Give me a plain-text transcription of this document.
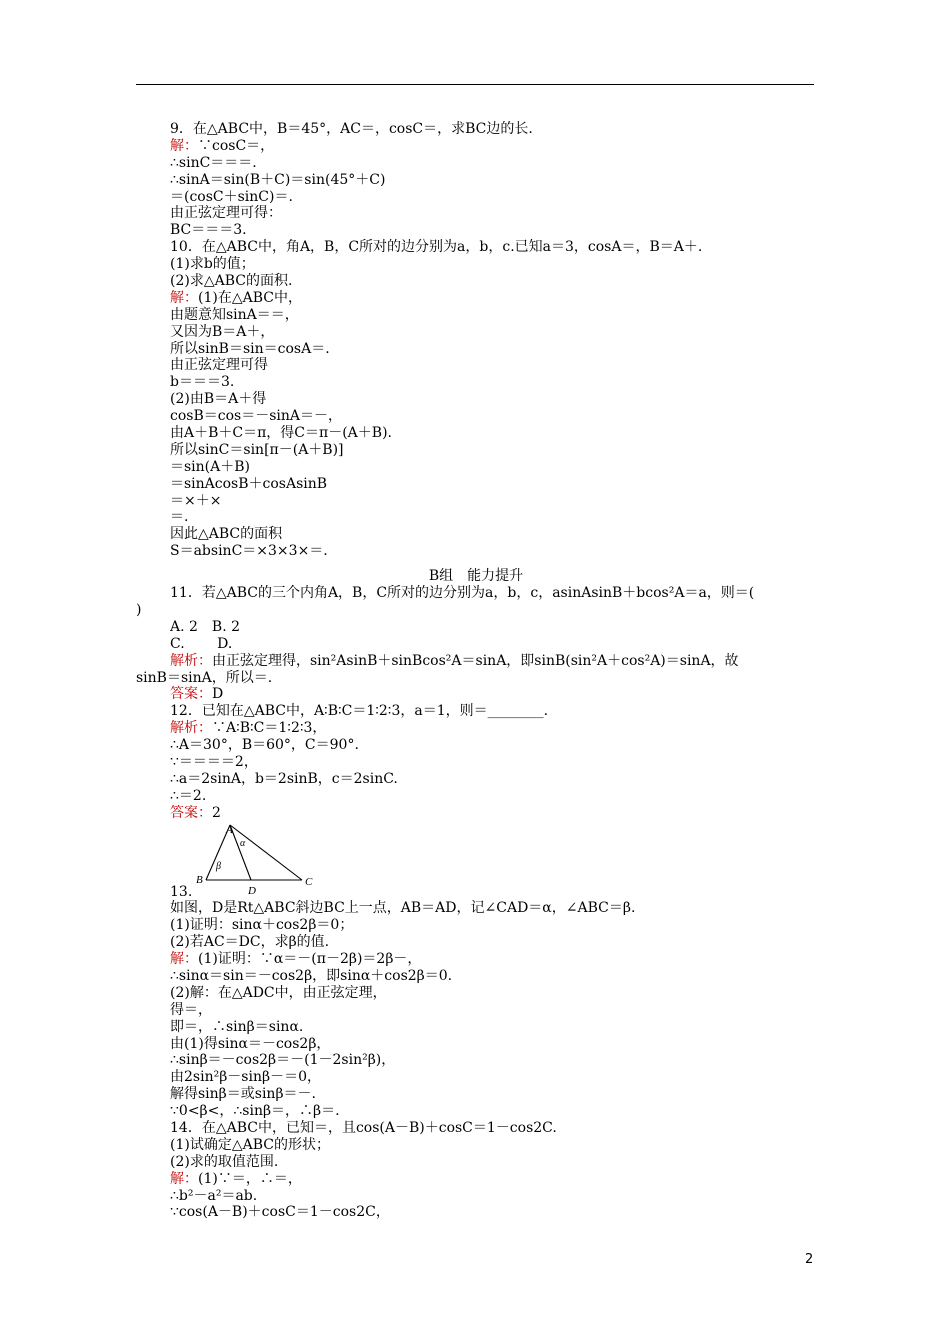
9．在△ABC中，B＝45°，AC＝，cosC＝，求BC边的长.
解：∵cosC＝，
∴sinC＝＝＝.
∴sinA＝sin(B＋C)＝sin(45°＋C)
＝(cosC＋sinC)＝.
由正弦定理可得：
BC＝＝＝3.
10．在△ABC中，角A，B，C所对的边分别为a，b，c.已知a＝3，cosA＝，B＝A＋.
(1)求b的值；
(2)求△ABC的面积.
解：(1)在△ABC中，
由题意知sinA＝＝，
又因为B＝A＋，
所以sinB＝sin＝cosA＝.
由正弦定理可得
b＝＝＝3.
(2)由B＝A＋得
cosB＝cos＝－sinA＝－，
由A＋B＋C＝π，得C＝π－(A＋B).
所以sinC＝sin[π－(A＋B)]
＝sin(A＋B)
＝sinAcosB＋cosAsinB
＝×＋×
＝.
因此△ABC的面积
S＝absinC＝×3×3×＝.
B组　能力提升
11．若△ABC的三个内角A，B，C所对的边分别为a，b，c，asinAsinB＋bcos²A＝a，则＝(
)
A. 2　B. 2
C. 　　D.
解析：由正弦定理得，sin²AsinB＋sinBcos²A＝sinA，即sinB(sin²A＋cos²A)＝sinA，故
sinB＝sinA，所以＝.
答案：D
12．已知在△ABC中，A∶B∶C＝1∶2∶3，a＝1，则＝________.
解析：∵A∶B∶C＝1∶2∶3，
∴A＝30°，B＝60°，C＝90°.
∵＝＝＝＝2，
∴a＝2sinA，b＝2sinB，c＝2sinC.
∴＝2.
答案：2
A
B
D
C
α
β
13.
如图，D是Rt△ABC斜边BC上一点，AB＝AD，记∠CAD＝α，∠ABC＝β.
(1)证明：sinα＋cos2β＝0；
(2)若AC＝DC，求β的值.
解：(1)证明：∵α＝－(π－2β)＝2β－，
∴sinα＝sin＝－cos2β，即sinα＋cos2β＝0.
(2)解：在△ADC中，由正弦定理，
得＝，
即＝，∴sinβ＝sinα.
由(1)得sinα＝－cos2β，
∴sinβ＝－cos2β＝－(1－2sin²β)，
由2sin²β－sinβ－＝0，
解得sinβ＝或sinβ＝－.
∵0<β<，∴sinβ＝，∴β＝.
14．在△ABC中，已知＝，且cos(A－B)＋cosC＝1－cos2C.
(1)试确定△ABC的形状；
(2)求的取值范围.
解：(1)∵＝，∴＝，
∴b²－a²＝ab.
∵cos(A－B)＋cosC＝1－cos2C，
2
